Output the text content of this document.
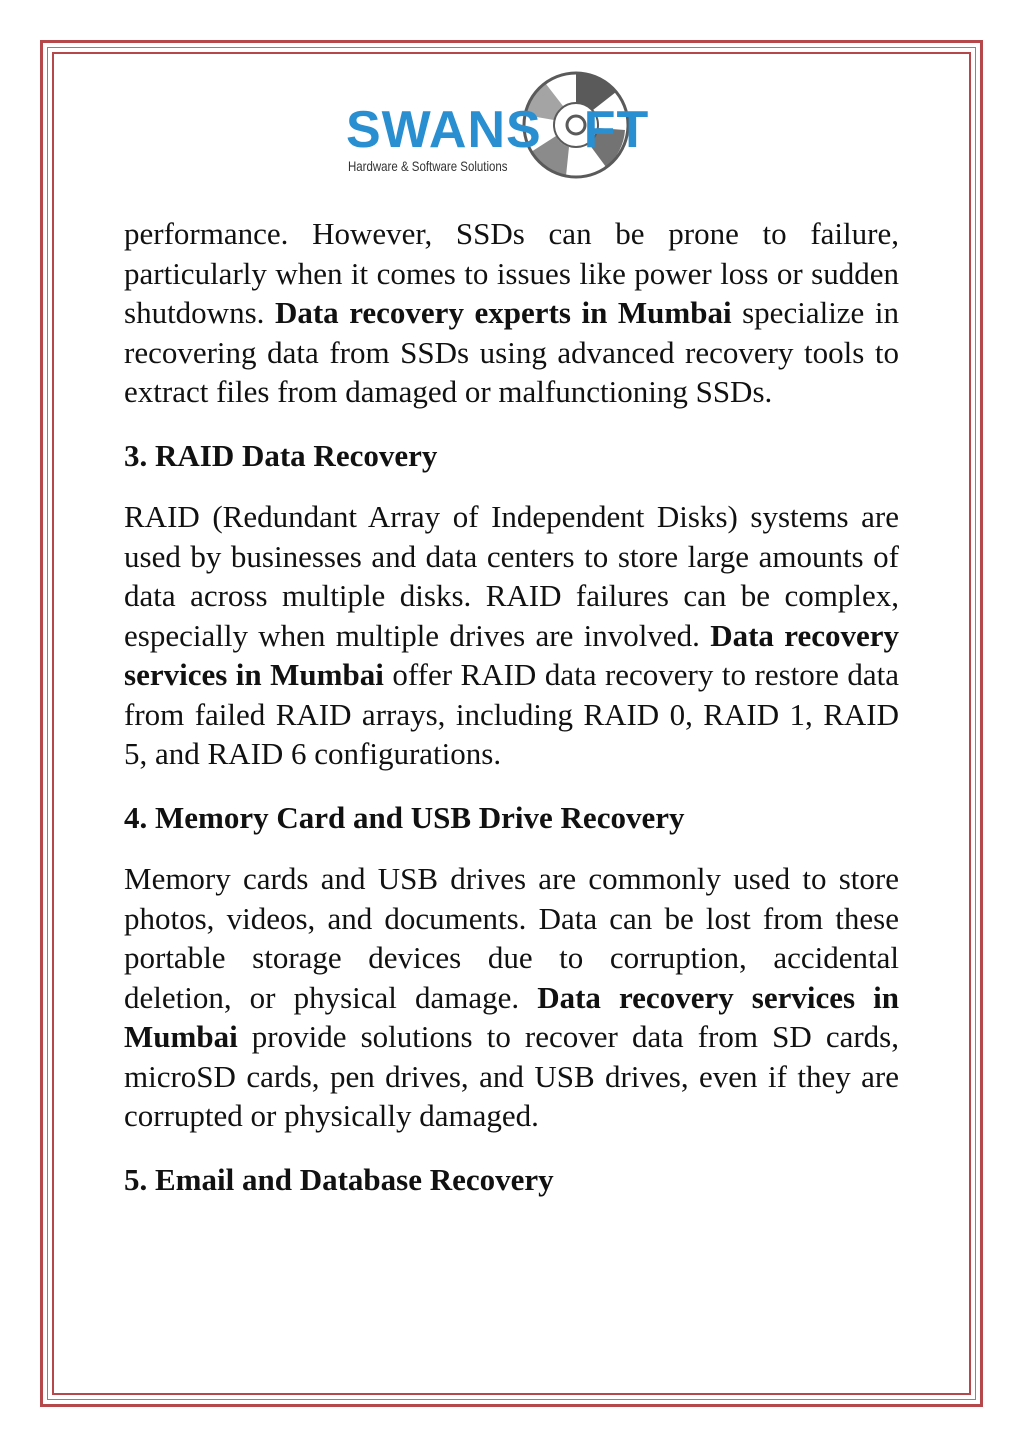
SWANS FT
Hardware & Software Solutions

performance. However, SSDs can be prone to failure, particularly when it comes to issues like power loss or sudden shutdowns. Data recovery experts in Mumbai specialize in recovering data from SSDs using advanced recovery tools to extract files from damaged or malfunctioning SSDs.

3. RAID Data Recovery

RAID (Redundant Array of Independent Disks) systems are used by businesses and data centers to store large amounts of data across multiple disks. RAID failures can be complex, especially when multiple drives are involved. Data recovery services in Mumbai offer RAID data recovery to restore data from failed RAID arrays, including RAID 0, RAID 1, RAID 5, and RAID 6 configurations.

4. Memory Card and USB Drive Recovery

Memory cards and USB drives are commonly used to store photos, videos, and documents. Data can be lost from these portable storage devices due to corruption, accidental deletion, or physical damage. Data recovery services in Mumbai provide solutions to recover data from SD cards, microSD cards, pen drives, and USB drives, even if they are corrupted or physically damaged.

5. Email and Database Recovery
